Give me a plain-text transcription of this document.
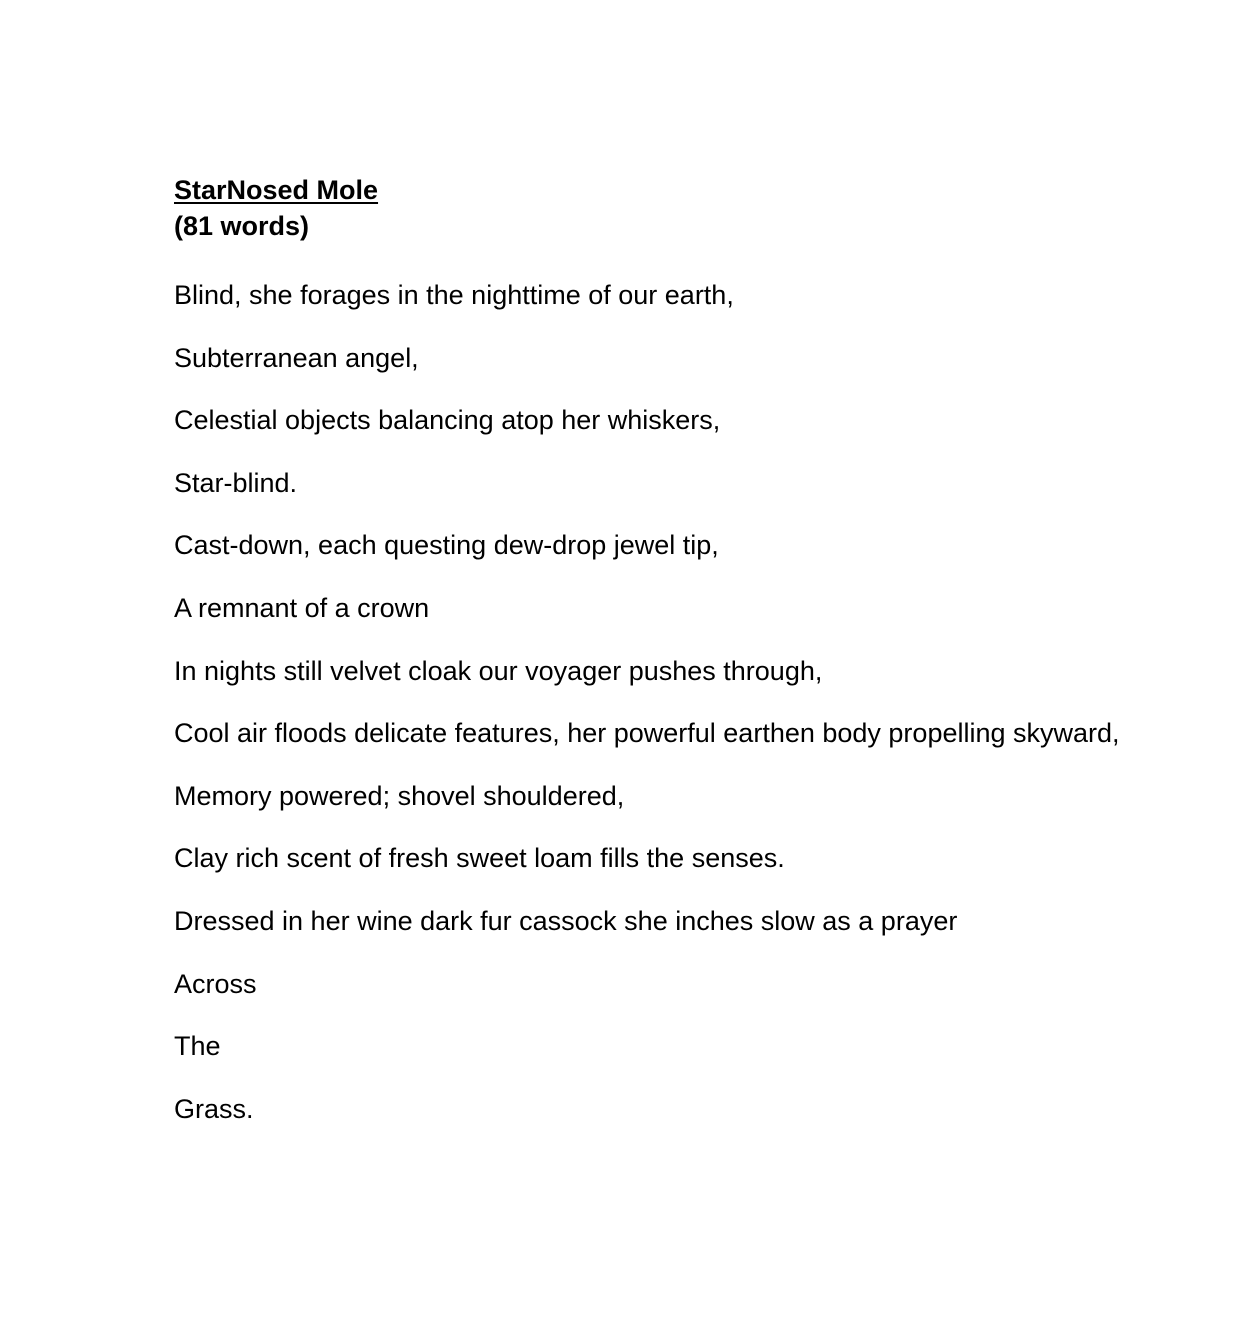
StarNosed Mole
(81 words)

Blind, she forages in the nighttime of our earth,

Subterranean angel,

Celestial objects balancing atop her whiskers,

Star-blind.

Cast-down, each questing dew-drop jewel tip,

A remnant of a crown

In nights still velvet cloak our voyager pushes through,

Cool air floods delicate features, her powerful earthen body propelling skyward,

Memory powered; shovel shouldered,

Clay rich scent of fresh sweet loam fills the senses.

Dressed in her wine dark fur cassock she inches slow as a prayer

Across

The

Grass.
